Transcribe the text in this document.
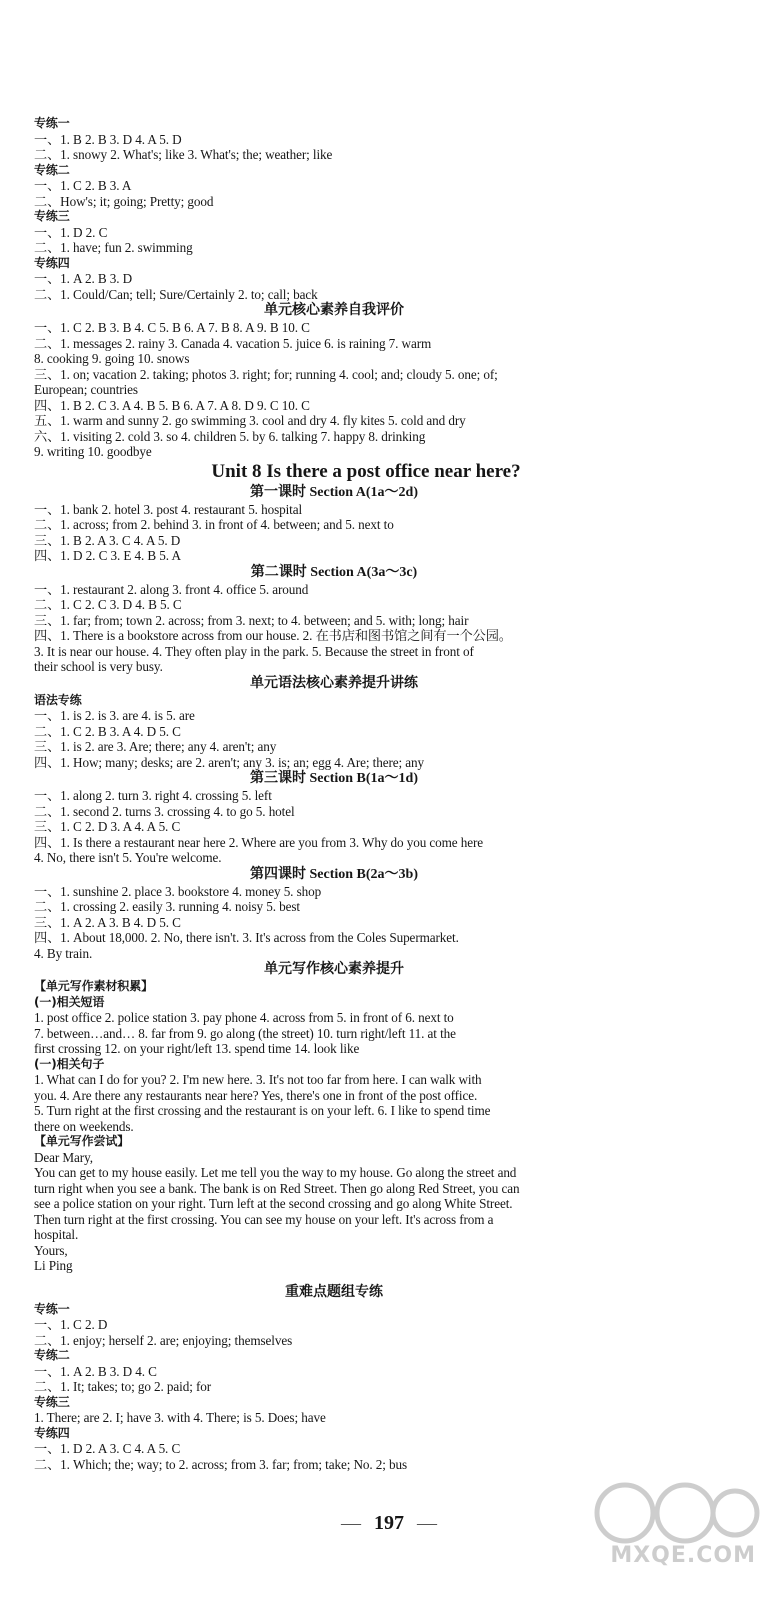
专练一
一、1. B 2. B 3. D 4. A 5. D
二、1. snowy 2. What's; like 3. What's; the; weather; like
专练二
一、1. C 2. B 3. A
二、How's; it; going; Pretty; good
专练三
一、1. D 2. C
二、1. have; fun 2. swimming
专练四
一、1. A 2. B 3. D
二、1. Could/Can; tell; Sure/Certainly 2. to; call; back
单元核心素养自我评价
一、1. C 2. B 3. B 4. C 5. B 6. A 7. B 8. A 9. B 10. C
二、1. messages 2. rainy 3. Canada 4. vacation 5. juice 6. is raining 7. warm
8. cooking 9. going 10. snows
三、1. on; vacation 2. taking; photos 3. right; for; running 4. cool; and; cloudy 5. one; of;
European; countries
四、1. B 2. C 3. A 4. B 5. B 6. A 7. A 8. D 9. C 10. C
五、1. warm and sunny 2. go swimming 3. cool and dry 4. fly kites 5. cold and dry
六、1. visiting 2. cold 3. so 4. children 5. by 6. talking 7. happy 8. drinking
9. writing 10. goodbye
Unit 8 Is there a post office near here?
第一课时 Section A(1a～2d)
一、1. bank 2. hotel 3. post 4. restaurant 5. hospital
二、1. across; from 2. behind 3. in front of 4. between; and 5. next to
三、1. B 2. A 3. C 4. A 5. D
四、1. D 2. C 3. E 4. B 5. A
第二课时 Section A(3a～3c)
一、1. restaurant 2. along 3. front 4. office 5. around
二、1. C 2. C 3. D 4. B 5. C
三、1. far; from; town 2. across; from 3. next; to 4. between; and 5. with; long; hair
四、1. There is a bookstore across from our house. 2. 在书店和图书馆之间有一个公园。
3. It is near our house. 4. They often play in the park. 5. Because the street in front of
their school is very busy.
单元语法核心素养提升讲练
语法专练
一、1. is 2. is 3. are 4. is 5. are
二、1. C 2. B 3. A 4. D 5. C
三、1. is 2. are 3. Are; there; any 4. aren't; any
四、1. How; many; desks; are 2. aren't; any 3. is; an; egg 4. Are; there; any
第三课时 Section B(1a～1d)
一、1. along 2. turn 3. right 4. crossing 5. left
二、1. second 2. turns 3. crossing 4. to go 5. hotel
三、1. C 2. D 3. A 4. A 5. C
四、1. Is there a restaurant near here 2. Where are you from 3. Why do you come here
4. No, there isn't 5. You're welcome.
第四课时 Section B(2a～3b)
一、1. sunshine 2. place 3. bookstore 4. money 5. shop
二、1. crossing 2. easily 3. running 4. noisy 5. best
三、1. A 2. A 3. B 4. D 5. C
四、1. About 18,000. 2. No, there isn't. 3. It's across from the Coles Supermarket.
4. By train.
单元写作核心素养提升
【单元写作素材积累】
(一)相关短语
1. post office 2. police station 3. pay phone 4. across from 5. in front of 6. next to
7. between…and… 8. far from 9. go along (the street) 10. turn right/left 11. at the
first crossing 12. on your right/left 13. spend time 14. look like
(一)相关句子
1. What can I do for you? 2. I'm new here. 3. It's not too far from here. I can walk with
you. 4. Are there any restaurants near here? Yes, there's one in front of the post office.
5. Turn right at the first crossing and the restaurant is on your left. 6. I like to spend time
there on weekends.
【单元写作尝试】
Dear Mary,
You can get to my house easily. Let me tell you the way to my house. Go along the street and
turn right when you see a bank. The bank is on Red Street. Then go along Red Street, you can
see a police station on your right. Turn left at the second crossing and go along White Street.
Then turn right at the first crossing. You can see my house on your left. It's across from a
hospital.
Yours,
Li Ping
重难点题组专练
专练一
一、1. C 2. D
二、1. enjoy; herself 2. are; enjoying; themselves
专练二
一、1. A 2. B 3. D 4. C
二、1. It; takes; to; go 2. paid; for
专练三
1. There; are 2. I; have 3. with 4. There; is 5. Does; have
专练四
一、1. D 2. A 3. C 4. A 5. C
二、1. Which; the; way; to 2. across; from 3. far; from; take; No. 2; bus
— 197 —
MXQE.COM
